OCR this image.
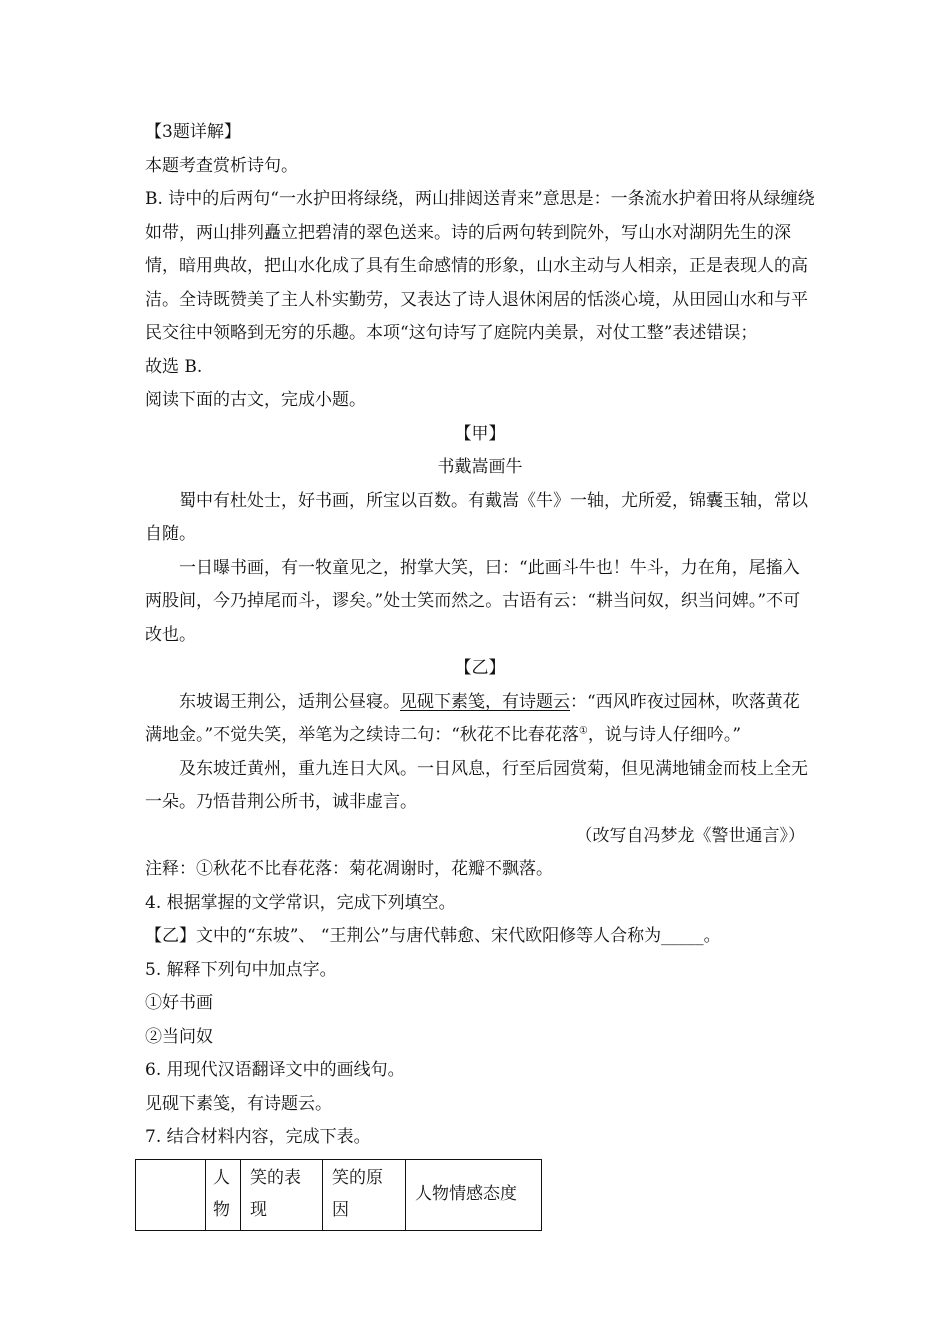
【3题详解】

本题考查赏析诗句。

B. 诗中的后两句“一水护田将绿绕，两山排闼送青来”意思是：一条流水护着田将从绿缠绕如带，两山排列矗立把碧清的翠色送来。诗的后两句转到院外，写山水对湖阴先生的深情，暗用典故，把山水化成了具有生命感情的形象，山水主动与人相亲，正是表现人的高洁。全诗既赞美了主人朴实勤劳，又表达了诗人退休闲居的恬淡心境，从田园山水和与平民交往中领略到无穷的乐趣。本项“这句诗写了庭院内美景，对仗工整”表述错误；

故选 B.

阅读下面的古文，完成小题。

【甲】

书戴嵩画牛

蜀中有杜处士，好书画，所宝以百数。有戴嵩《牛》一轴，尤所爱，锦囊玉轴，常以自随。

一日曝书画，有一牧童见之，拊掌大笑，曰：“此画斗牛也！牛斗，力在角，尾搐入两股间，今乃掉尾而斗，谬矣。”处士笑而然之。古语有云：“耕当问奴，织当问婢。”不可改也。

【乙】

东坡谒王荆公，适荆公昼寝。见砚下素笺，有诗题云：“西风昨夜过园林，吹落黄花满地金。”不觉失笑，举笔为之续诗二句：“秋花不比春花落①，说与诗人仔细吟。”

及东坡迁黄州，重九连日大风。一日风息，行至后园赏菊，但见满地铺金而枝上全无一朵。乃悟昔荆公所书，诚非虚言。

（改写自冯梦龙《警世通言》）

注释：①秋花不比春花落：菊花凋谢时，花瓣不飘落。

4. 根据掌握的文学常识，完成下列填空。

【乙】文中的“东坡”、 “王荆公”与唐代韩愈、宋代欧阳修等人合称为_____。

5. 解释下列句中加点字。

①好书画

②当问奴

6. 用现代汉语翻译文中的画线句。

见砚下素笺，有诗题云。

7. 结合材料内容，完成下表。

	人物	笑的表现	笑的原因	人物情感态度
